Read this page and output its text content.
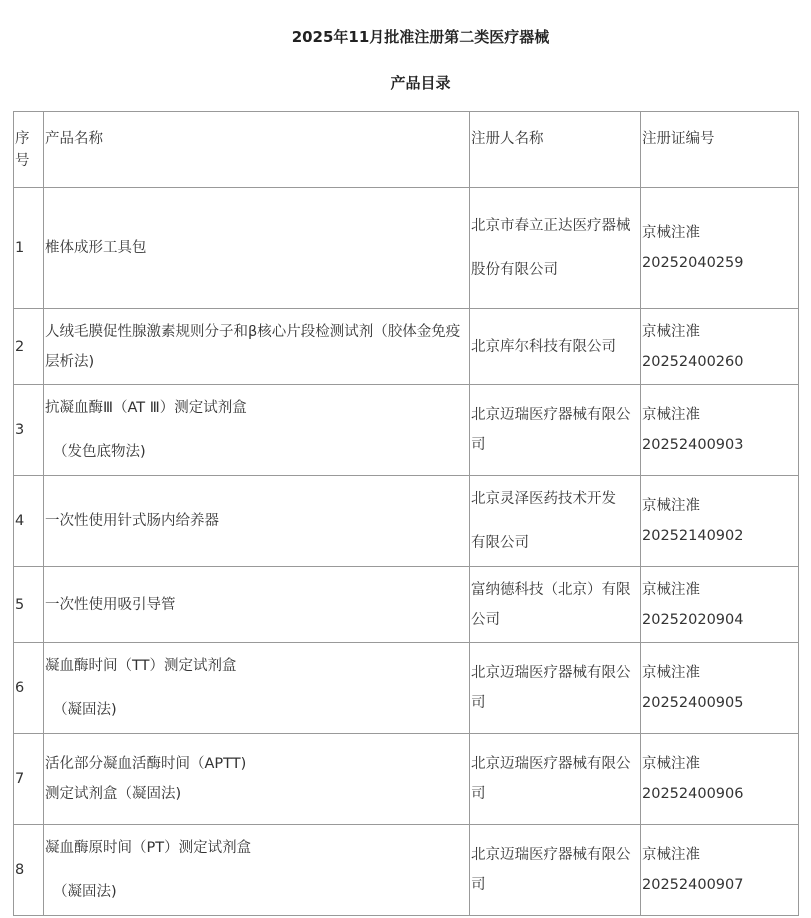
2025年11月批准注册第二类医疗器械
产品目录
序号	产品名称	注册人名称	注册证编号
1	椎体成形工具包	北京市春立正达医疗器械
股份有限公司	京械注准
20252040259

2	人绒毛膜促性腺激素规则分子和β核心片段检测试剂（胶体金免疫层析法)	北京库尔科技有限公司	京械注准
20252400260

3	抗凝血酶Ⅲ（AT Ⅲ）测定试剂盒
（发色底物法)	北京迈瑞医疗器械有限公司	京械注准
20252400903

4	一次性使用针式肠内给养器	北京灵泽医药技术开发
有限公司	京械注准
20252140902

5	一次性使用吸引导管	富纳德科技（北京）有限公司	京械注准
20252020904

6	凝血酶时间（TT）测定试剂盒
（凝固法)	北京迈瑞医疗器械有限公司	京械注准
20252400905

7	活化部分凝血活酶时间（APTT)
测定试剂盒（凝固法)	北京迈瑞医疗器械有限公司	京械注准
20252400906

8	凝血酶原时间（PT）测定试剂盒
（凝固法)	北京迈瑞医疗器械有限公司	京械注准
20252400907
